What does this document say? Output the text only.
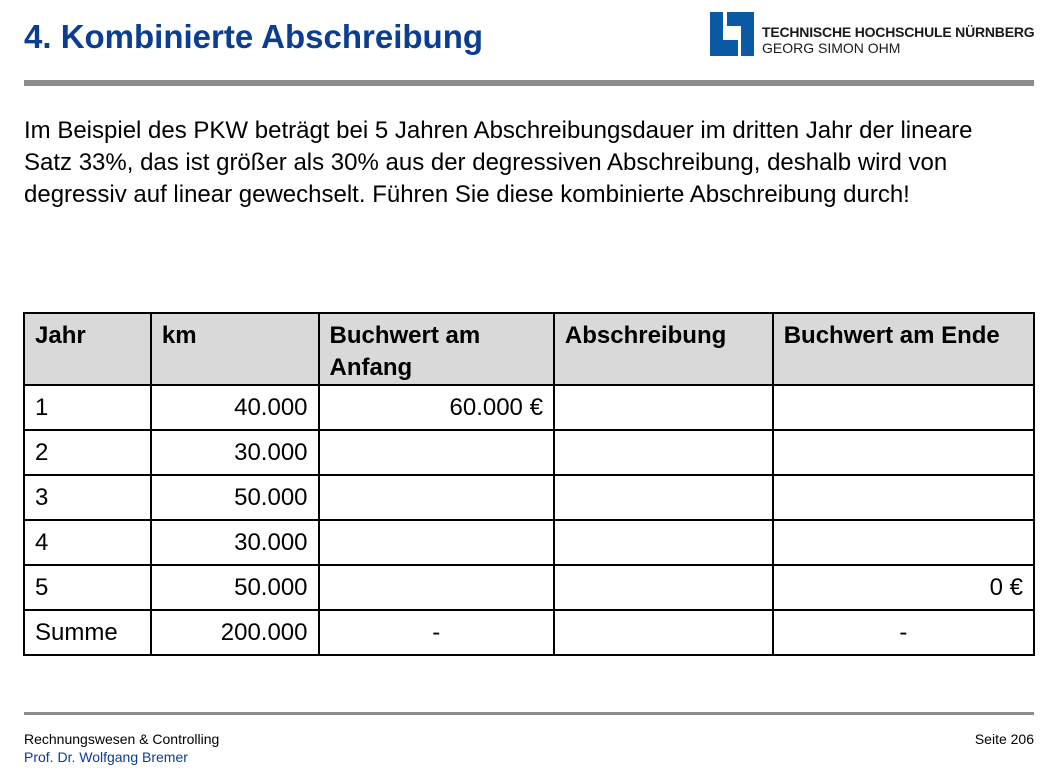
4. Kombinierte Abschreibung	TECHNISCHE HOCHSCHULE NÜRNBERG
GEORG SIMON OHM
Im Beispiel des PKW beträgt bei 5 Jahren Abschreibungsdauer im dritten Jahr der lineare Satz 33%, das ist größer als 30% aus der degressiven Abschreibung, deshalb wird von degressiv auf linear gewechselt. Führen Sie diese kombinierte Abschreibung durch!
Jahr	km	Buchwert am Anfang	Abschreibung	Buchwert am Ende
1	40.000	60.000 €		
2	30.000			
3	50.000			
4	30.000			
5	50.000			0 €
Summe	200.000	-		-
Rechnungswesen & Controlling
Prof. Dr. Wolfgang Bremer
Seite 206
